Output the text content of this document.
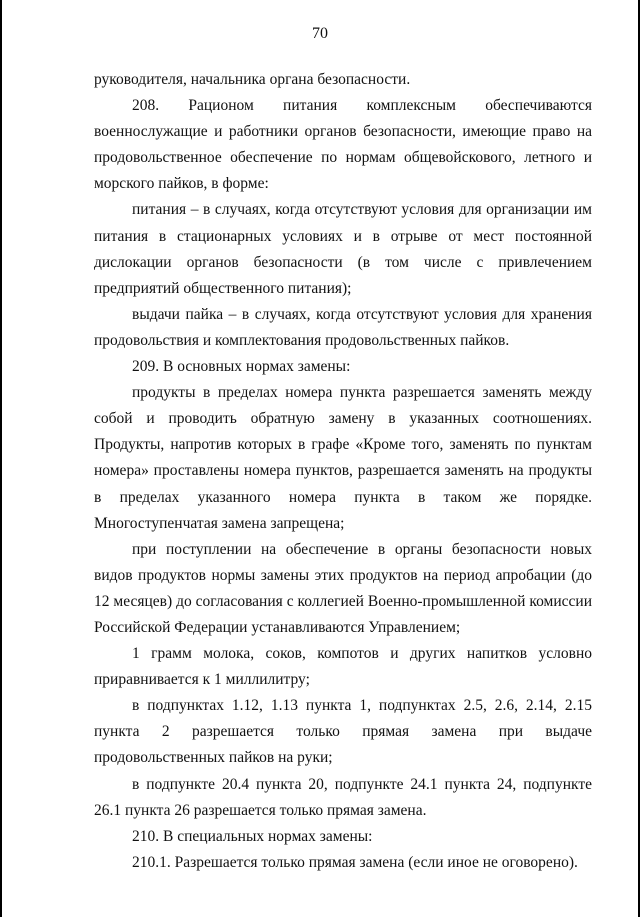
70

руководителя, начальника органа безопасности.

208. Рационом питания комплексным обеспечиваются военнослужащие и работники органов безопасности, имеющие право на продовольственное обеспечение по нормам общевойскового, летного и морского пайков, в форме:

питания – в случаях, когда отсутствуют условия для организации им питания в стационарных условиях и в отрыве от мест постоянной дислокации органов безопасности (в том числе с привлечением предприятий общественного питания);

выдачи пайка – в случаях, когда отсутствуют условия для хранения продовольствия и комплектования продовольственных пайков.

209. В основных нормах замены:

продукты в пределах номера пункта разрешается заменять между собой и проводить обратную замену в указанных соотношениях. Продукты, напротив которых в графе «Кроме того, заменять по пунктам номера» проставлены номера пунктов, разрешается заменять на продукты в пределах указанного номера пункта в таком же порядке. Многоступенчатая замена запрещена;

при поступлении на обеспечение в органы безопасности новых видов продуктов нормы замены этих продуктов на период апробации (до 12 месяцев) до согласования с коллегией Военно-промышленной комиссии Российской Федерации устанавливаются Управлением;

1 грамм молока, соков, компотов и других напитков условно приравнивается к 1 миллилитру;

в подпунктах 1.12, 1.13 пункта 1, подпунктах 2.5, 2.6, 2.14, 2.15 пункта 2 разрешается только прямая замена при выдаче продовольственных пайков на руки;

в подпункте 20.4 пункта 20, подпункте 24.1 пункта 24, подпункте 26.1 пункта 26 разрешается только прямая замена.

210. В специальных нормах замены:

210.1. Разрешается только прямая замена (если иное не оговорено).
